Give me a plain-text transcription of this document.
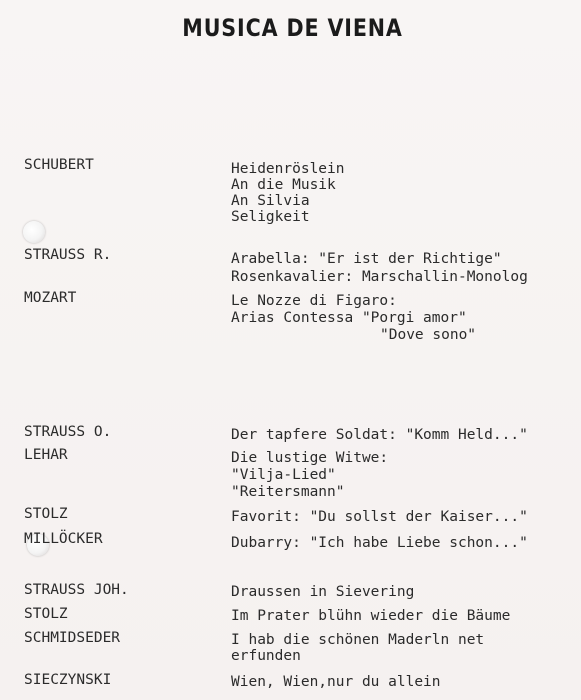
MUSICA DE VIENA
SCHUBERT	Heidenröslein
An die Musik
An Silvia
Seligkeit
STRAUSS R.	Arabella: "Er ist der Richtige"
Rosenkavalier: Marschallin-Monolog
MOZART	Le Nozze di Figaro:
Arias Contessa "Porgi amor"
"Dove sono"
STRAUSS O.	Der tapfere Soldat: "Komm Held..."
LEHAR	Die lustige Witwe:
"Vilja-Lied"
"Reitersmann"
STOLZ	Favorit: "Du sollst der Kaiser..."
MILLÖCKER	Dubarry: "Ich habe Liebe schon..."
STRAUSS JOH.	Draussen in Sievering
STOLZ	Im Prater blühn wieder die Bäume
SCHMIDSEDER	I hab die schönen Maderln net
erfunden
SIECZYNSKI	Wien, Wien,nur du allein
